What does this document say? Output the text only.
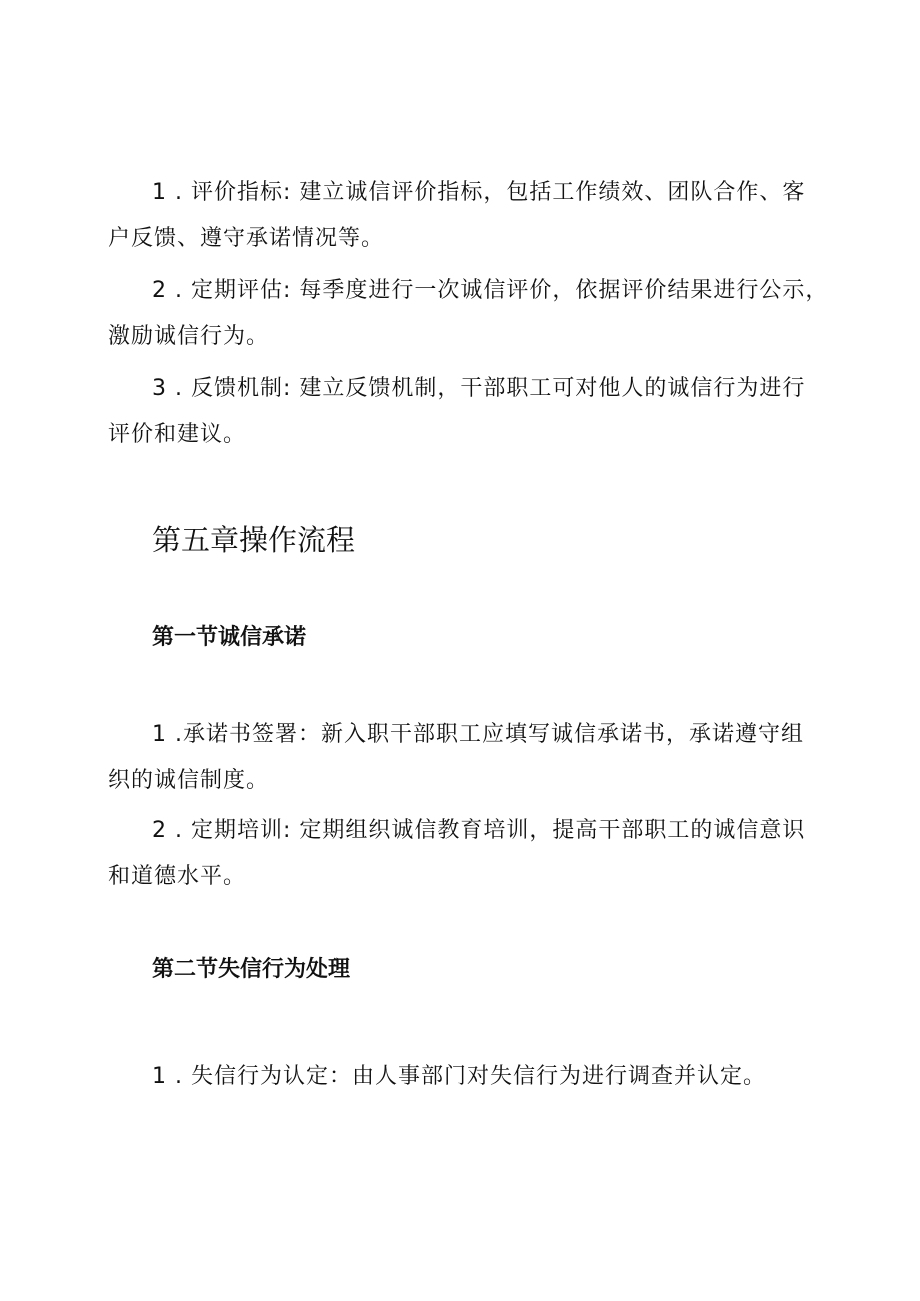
1 . 评价指标: 建立诚信评价指标，包括工作绩效、团队合作、客
户反馈、遵守承诺情况等。

2 . 定期评估: 每季度进行一次诚信评价，依据评价结果进行公示，
激励诚信行为。

3 . 反馈机制: 建立反馈机制，干部职工可对他人的诚信行为进行
评价和建议。

第五章操作流程
第一节诚信承诺

1 .承诺书签署：新入职干部职工应填写诚信承诺书，承诺遵守组
织的诚信制度。

2 . 定期培训: 定期组织诚信教育培训，提高干部职工的诚信意识
和道德水平。

第二节失信行为处理

1 . 失信行为认定：由人事部门对失信行为进行调查并认定。
